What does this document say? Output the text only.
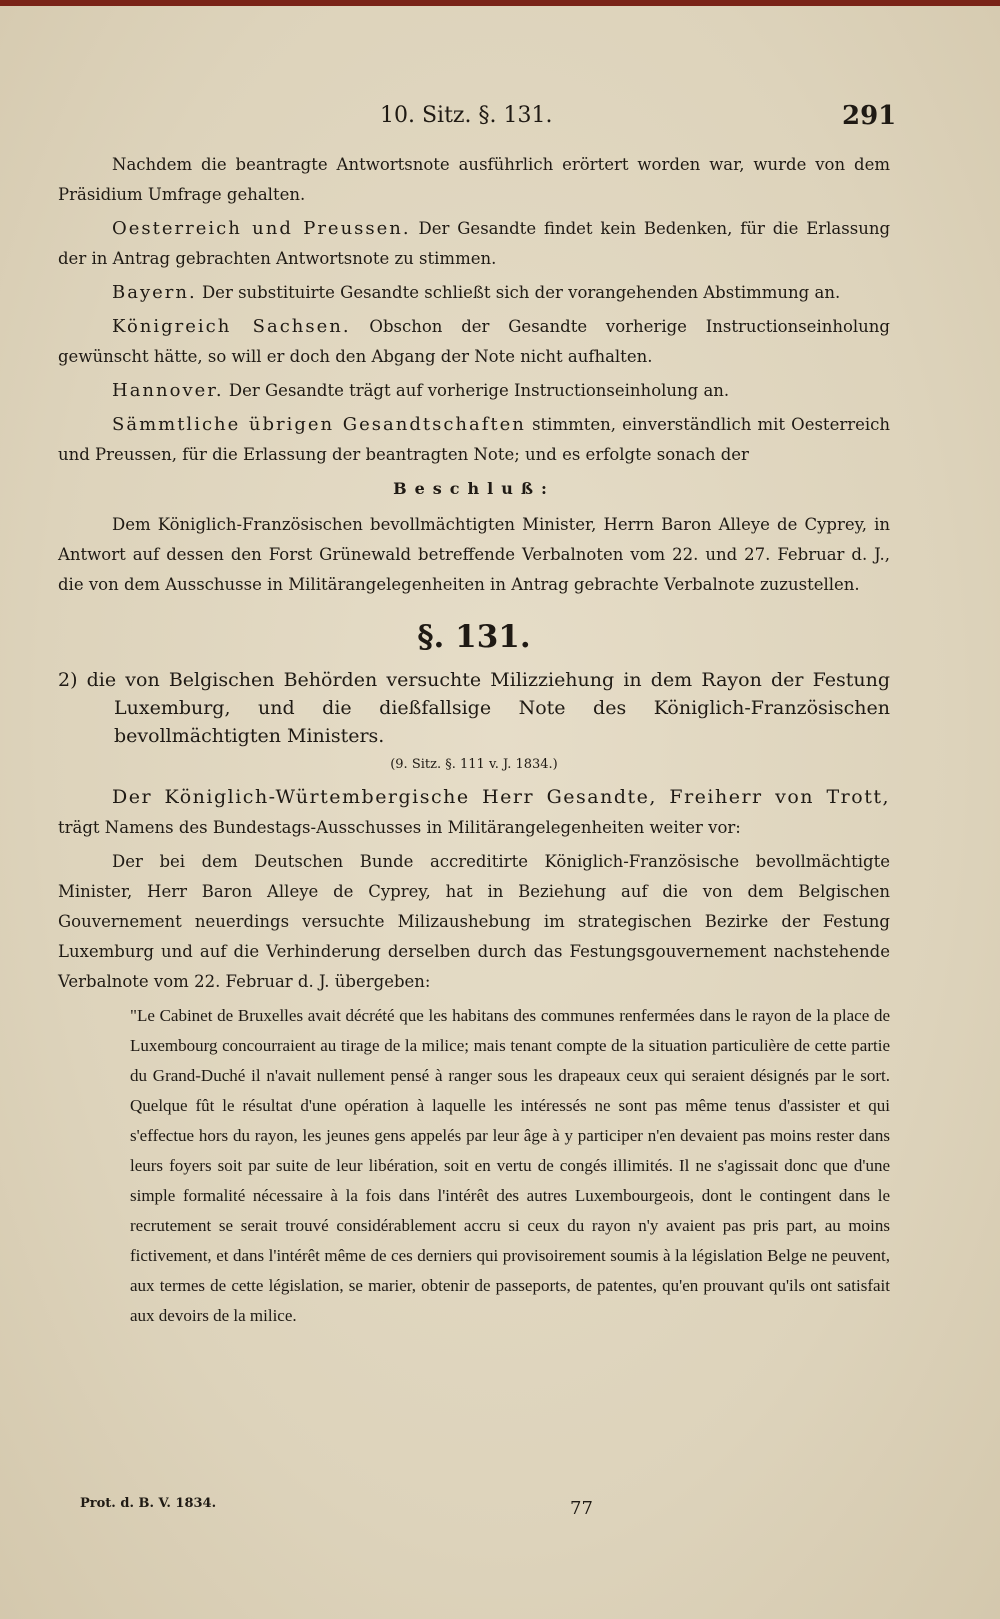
10. Sitz. §. 131.	291

Nachdem die beantragte Antwortsnote ausführlich erörtert worden war, wurde von dem Präsidium Umfrage gehalten.

Oesterreich und Preussen. Der Gesandte findet kein Bedenken, für die Erlassung der in Antrag gebrachten Antwortsnote zu stimmen.

Bayern. Der substituirte Gesandte schließt sich der vorangehenden Abstimmung an.

Königreich Sachsen. Obschon der Gesandte vorherige Instructionseinholung gewünscht hätte, so will er doch den Abgang der Note nicht aufhalten.

Hannover. Der Gesandte trägt auf vorherige Instructionseinholung an.

Sämmtliche übrigen Gesandtschaften stimmten, einverständlich mit Oesterreich und Preussen, für die Erlassung der beantragten Note; und es erfolgte sonach der

Beschluß:

Dem Königlich-Französischen bevollmächtigten Minister, Herrn Baron Alleye de Cyprey, in Antwort auf dessen den Forst Grünewald betreffende Verbalnoten vom 22. und 27. Februar d. J., die von dem Ausschusse in Militärangelegenheiten in Antrag gebrachte Verbalnote zuzustellen.

§. 131.

2) die von Belgischen Behörden versuchte Milizziehung in dem Rayon der Festung Luxemburg, und die dießfallsige Note des Königlich-Französischen bevollmächtigten Ministers.

(9. Sitz. §. 111 v. J. 1834.)

Der Königlich-Würtembergische Herr Gesandte, Freiherr von Trott, trägt Namens des Bundestags-Ausschusses in Militärangelegenheiten weiter vor:

Der bei dem Deutschen Bunde accreditirte Königlich-Französische bevollmächtigte Minister, Herr Baron Alleye de Cyprey, hat in Beziehung auf die von dem Belgischen Gouvernement neuerdings versuchte Milizaushebung im strategischen Bezirke der Festung Luxemburg und auf die Verhinderung derselben durch das Festungsgouvernement nachstehende Verbalnote vom 22. Februar d. J. übergeben:

"Le Cabinet de Bruxelles avait décrété que les habitans des communes renfermées dans le rayon de la place de Luxembourg concourraient au tirage de la milice; mais tenant compte de la situation particulière de cette partie du Grand-Duché il n'avait nullement pensé à ranger sous les drapeaux ceux qui seraient désignés par le sort. Quelque fût le résultat d'une opération à laquelle les intéressés ne sont pas même tenus d'assister et qui s'effectue hors du rayon, les jeunes gens appelés par leur âge à y participer n'en devaient pas moins rester dans leurs foyers soit par suite de leur libération, soit en vertu de congés illimités. Il ne s'agissait donc que d'une simple formalité nécessaire à la fois dans l'intérêt des autres Luxembourgeois, dont le contingent dans le recrutement se serait trouvé considérablement accru si ceux du rayon n'y avaient pas pris part, au moins fictivement, et dans l'intérêt même de ces derniers qui provisoirement soumis à la législation Belge ne peuvent, aux termes de cette législation, se marier, obtenir de passeports, de patentes, qu'en prouvant qu'ils ont satisfait aux devoirs de la milice.

Prot. d. B. V. 1834.	77
